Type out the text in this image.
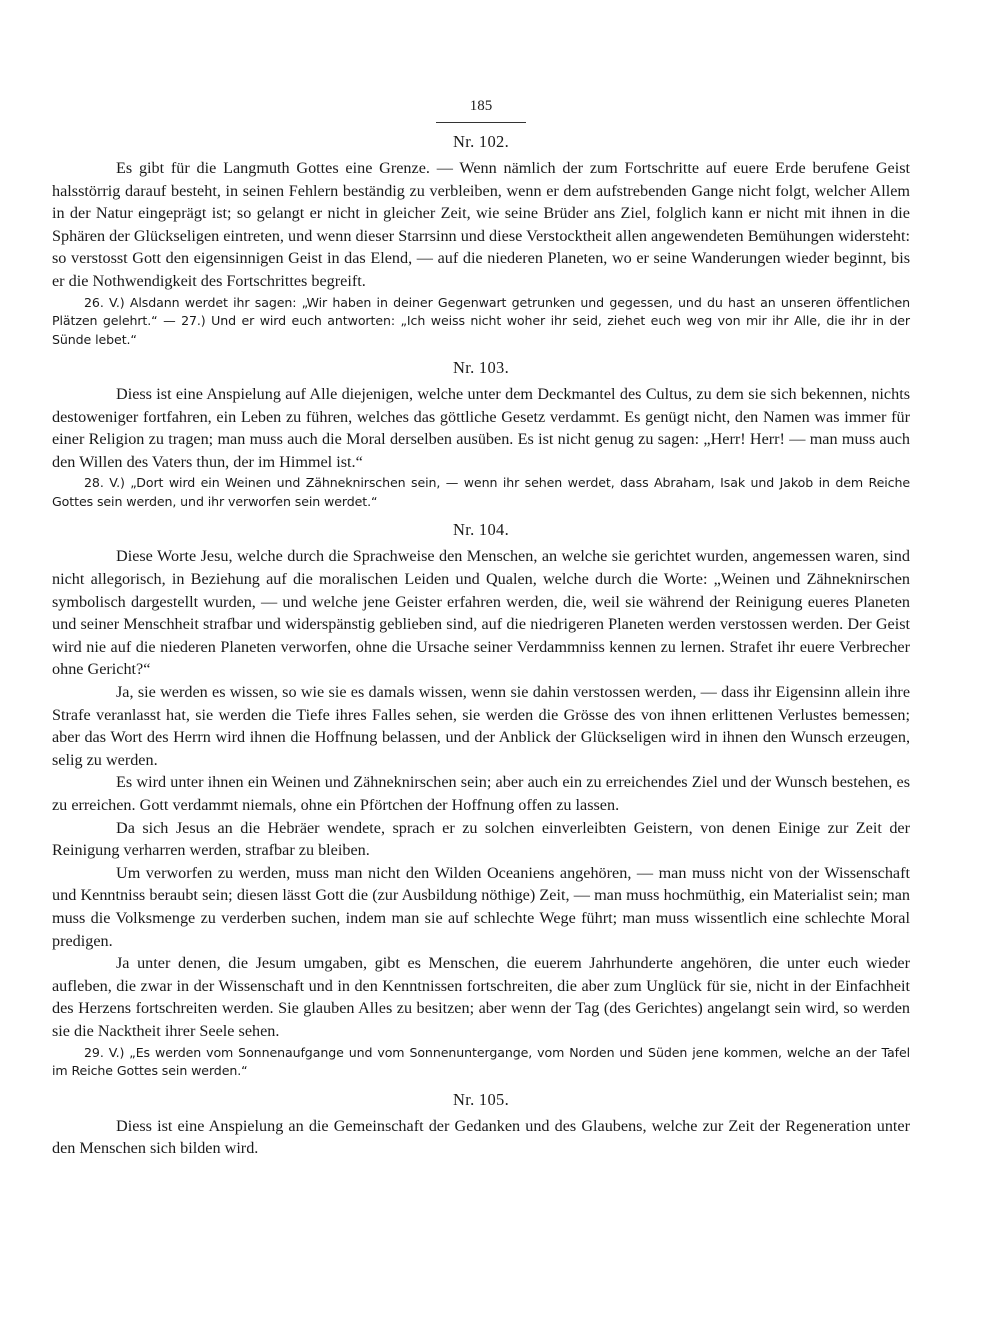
185
Nr. 102.

Es gibt für die Langmuth Gottes eine Grenze. — Wenn nämlich der zum Fortschritte auf euere Erde berufene Geist halsstörrig darauf besteht, in seinen Fehlern beständig zu verbleiben, wenn er dem aufstrebenden Gange nicht folgt, welcher Allem in der Natur eingeprägt ist; so gelangt er nicht in gleicher Zeit, wie seine Brüder ans Ziel, folglich kann er nicht mit ihnen in die Sphären der Glückseligen eintreten, und wenn dieser Starrsinn und diese Verstocktheit allen angewendeten Bemühungen widersteht: so verstosst Gott den eigensinnigen Geist in das Elend, — auf die niederen Planeten, wo er seine Wanderungen wieder beginnt, bis er die Nothwendigkeit des Fortschrittes begreift.

26. V.) Alsdann werdet ihr sagen: „Wir haben in deiner Gegenwart getrunken und gegessen, und du hast an unseren öffentlichen Plätzen gelehrt.“ — 27.) Und er wird euch antworten: „Ich weiss nicht woher ihr seid, ziehet euch weg von mir ihr Alle, die ihr in der Sünde lebet.“

Nr. 103.

Diess ist eine Anspielung auf Alle diejenigen, welche unter dem Deckmantel des Cultus, zu dem sie sich bekennen, nichts destoweniger fortfahren, ein Leben zu führen, welches das göttliche Gesetz verdammt. Es genügt nicht, den Namen was immer für einer Religion zu tragen; man muss auch die Moral derselben ausüben. Es ist nicht genug zu sagen: „Herr! Herr! — man muss auch den Willen des Vaters thun, der im Himmel ist.“

28. V.) „Dort wird ein Weinen und Zähneknirschen sein, — wenn ihr sehen werdet, dass Abraham, Isak und Jakob in dem Reiche Gottes sein werden, und ihr verworfen sein werdet.“

Nr. 104.

Diese Worte Jesu, welche durch die Sprachweise den Menschen, an welche sie gerichtet wurden, angemessen waren, sind nicht allegorisch, in Beziehung auf die moralischen Leiden und Qualen, welche durch die Worte: „Weinen und Zähneknirschen symbolisch dargestellt wurden, — und welche jene Geister erfahren werden, die, weil sie während der Reinigung eueres Planeten und seiner Menschheit strafbar und widerspänstig geblieben sind, auf die niedrigeren Planeten werden verstossen werden. Der Geist wird nie auf die niederen Planeten verworfen, ohne die Ursache seiner Verdammniss kennen zu lernen. Strafet ihr euere Verbrecher ohne Gericht?“

Ja, sie werden es wissen, so wie sie es damals wissen, wenn sie dahin verstossen werden, — dass ihr Eigensinn allein ihre Strafe veranlasst hat, sie werden die Tiefe ihres Falles sehen, sie werden die Grösse des von ihnen erlittenen Verlustes bemessen; aber das Wort des Herrn wird ihnen die Hoffnung belassen, und der Anblick der Glückseligen wird in ihnen den Wunsch erzeugen, selig zu werden.

Es wird unter ihnen ein Weinen und Zähneknirschen sein; aber auch ein zu erreichendes Ziel und der Wunsch bestehen, es zu erreichen. Gott verdammt niemals, ohne ein Pförtchen der Hoffnung offen zu lassen.

Da sich Jesus an die Hebräer wendete, sprach er zu solchen einverleibten Geistern, von denen Einige zur Zeit der Reinigung verharren werden, strafbar zu bleiben.

Um verworfen zu werden, muss man nicht den Wilden Oceaniens angehören, — man muss nicht von der Wissenschaft und Kenntniss beraubt sein; diesen lässt Gott die (zur Ausbildung nöthige) Zeit, — man muss hochmüthig, ein Materialist sein; man muss die Volksmenge zu verderben suchen, indem man sie auf schlechte Wege führt; man muss wissentlich eine schlechte Moral predigen.

Ja unter denen, die Jesum umgaben, gibt es Menschen, die euerem Jahrhunderte angehören, die unter euch wieder aufleben, die zwar in der Wissenschaft und in den Kenntnissen fortschreiten, die aber zum Unglück für sie, nicht in der Einfachheit des Herzens fortschreiten werden. Sie glauben Alles zu besitzen; aber wenn der Tag (des Gerichtes) angelangt sein wird, so werden sie die Nacktheit ihrer Seele sehen.

29. V.) „Es werden vom Sonnenaufgange und vom Sonnenuntergange, vom Norden und Süden jene kommen, welche an der Tafel im Reiche Gottes sein werden.“

Nr. 105.

Diess ist eine Anspielung an die Gemeinschaft der Gedanken und des Glaubens, welche zur Zeit der Regeneration unter den Menschen sich bilden wird.
